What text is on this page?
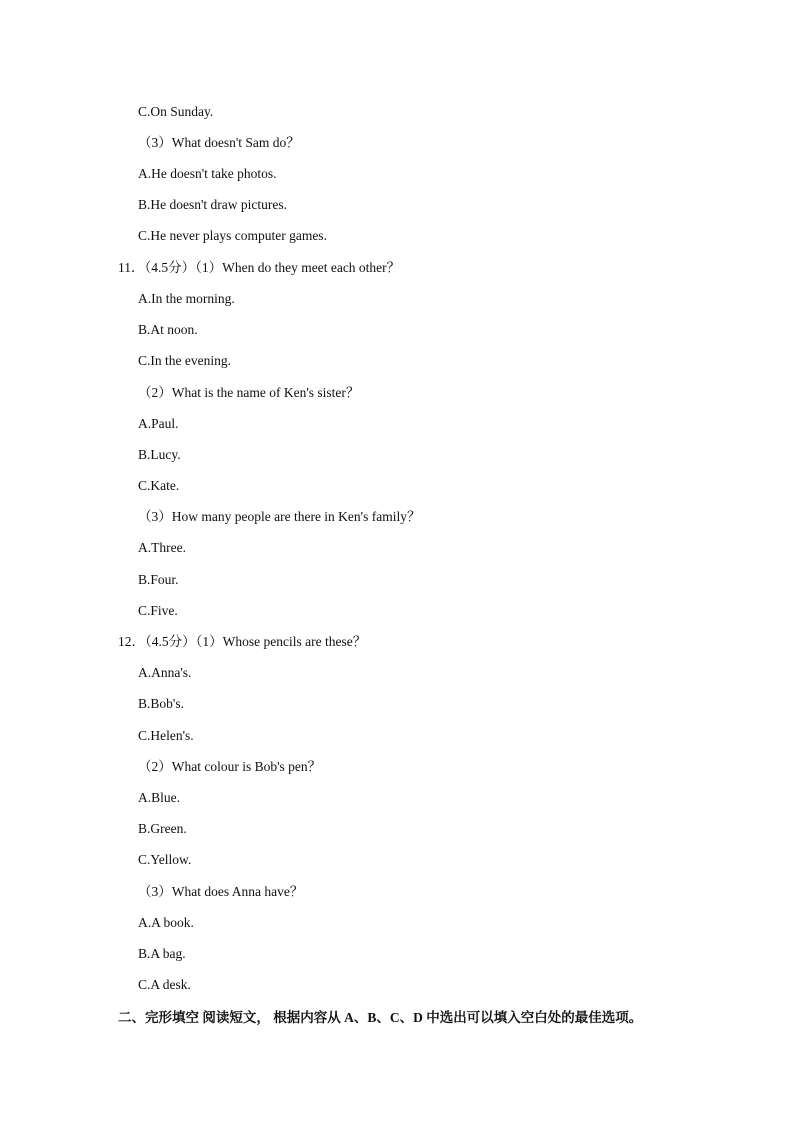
C.On Sunday.
（3）What doesn't Sam do？
A.He doesn't take photos.
B.He doesn't draw pictures.
C.He never plays computer games.
11．（4.5分）（1）When do they meet each other？
A.In the morning.
B.At noon.
C.In the evening.
（2）What is the name of Ken's sister？
A.Paul.
B.Lucy.
C.Kate.
（3）How many people are there in Ken's family？
A.Three.
B.Four.
C.Five.
12．（4.5分）（1）Whose pencils are these？
A.Anna's.
B.Bob's.
C.Helen's.
（2）What colour is Bob's pen？
A.Blue.
B.Green.
C.Yellow.
（3）What does Anna have？
A.A book.
B.A bag.
C.A desk.
二、完形填空 阅读短文， 根据内容从 A、B、C、D 中选出可以填入空白处的最佳选项。
